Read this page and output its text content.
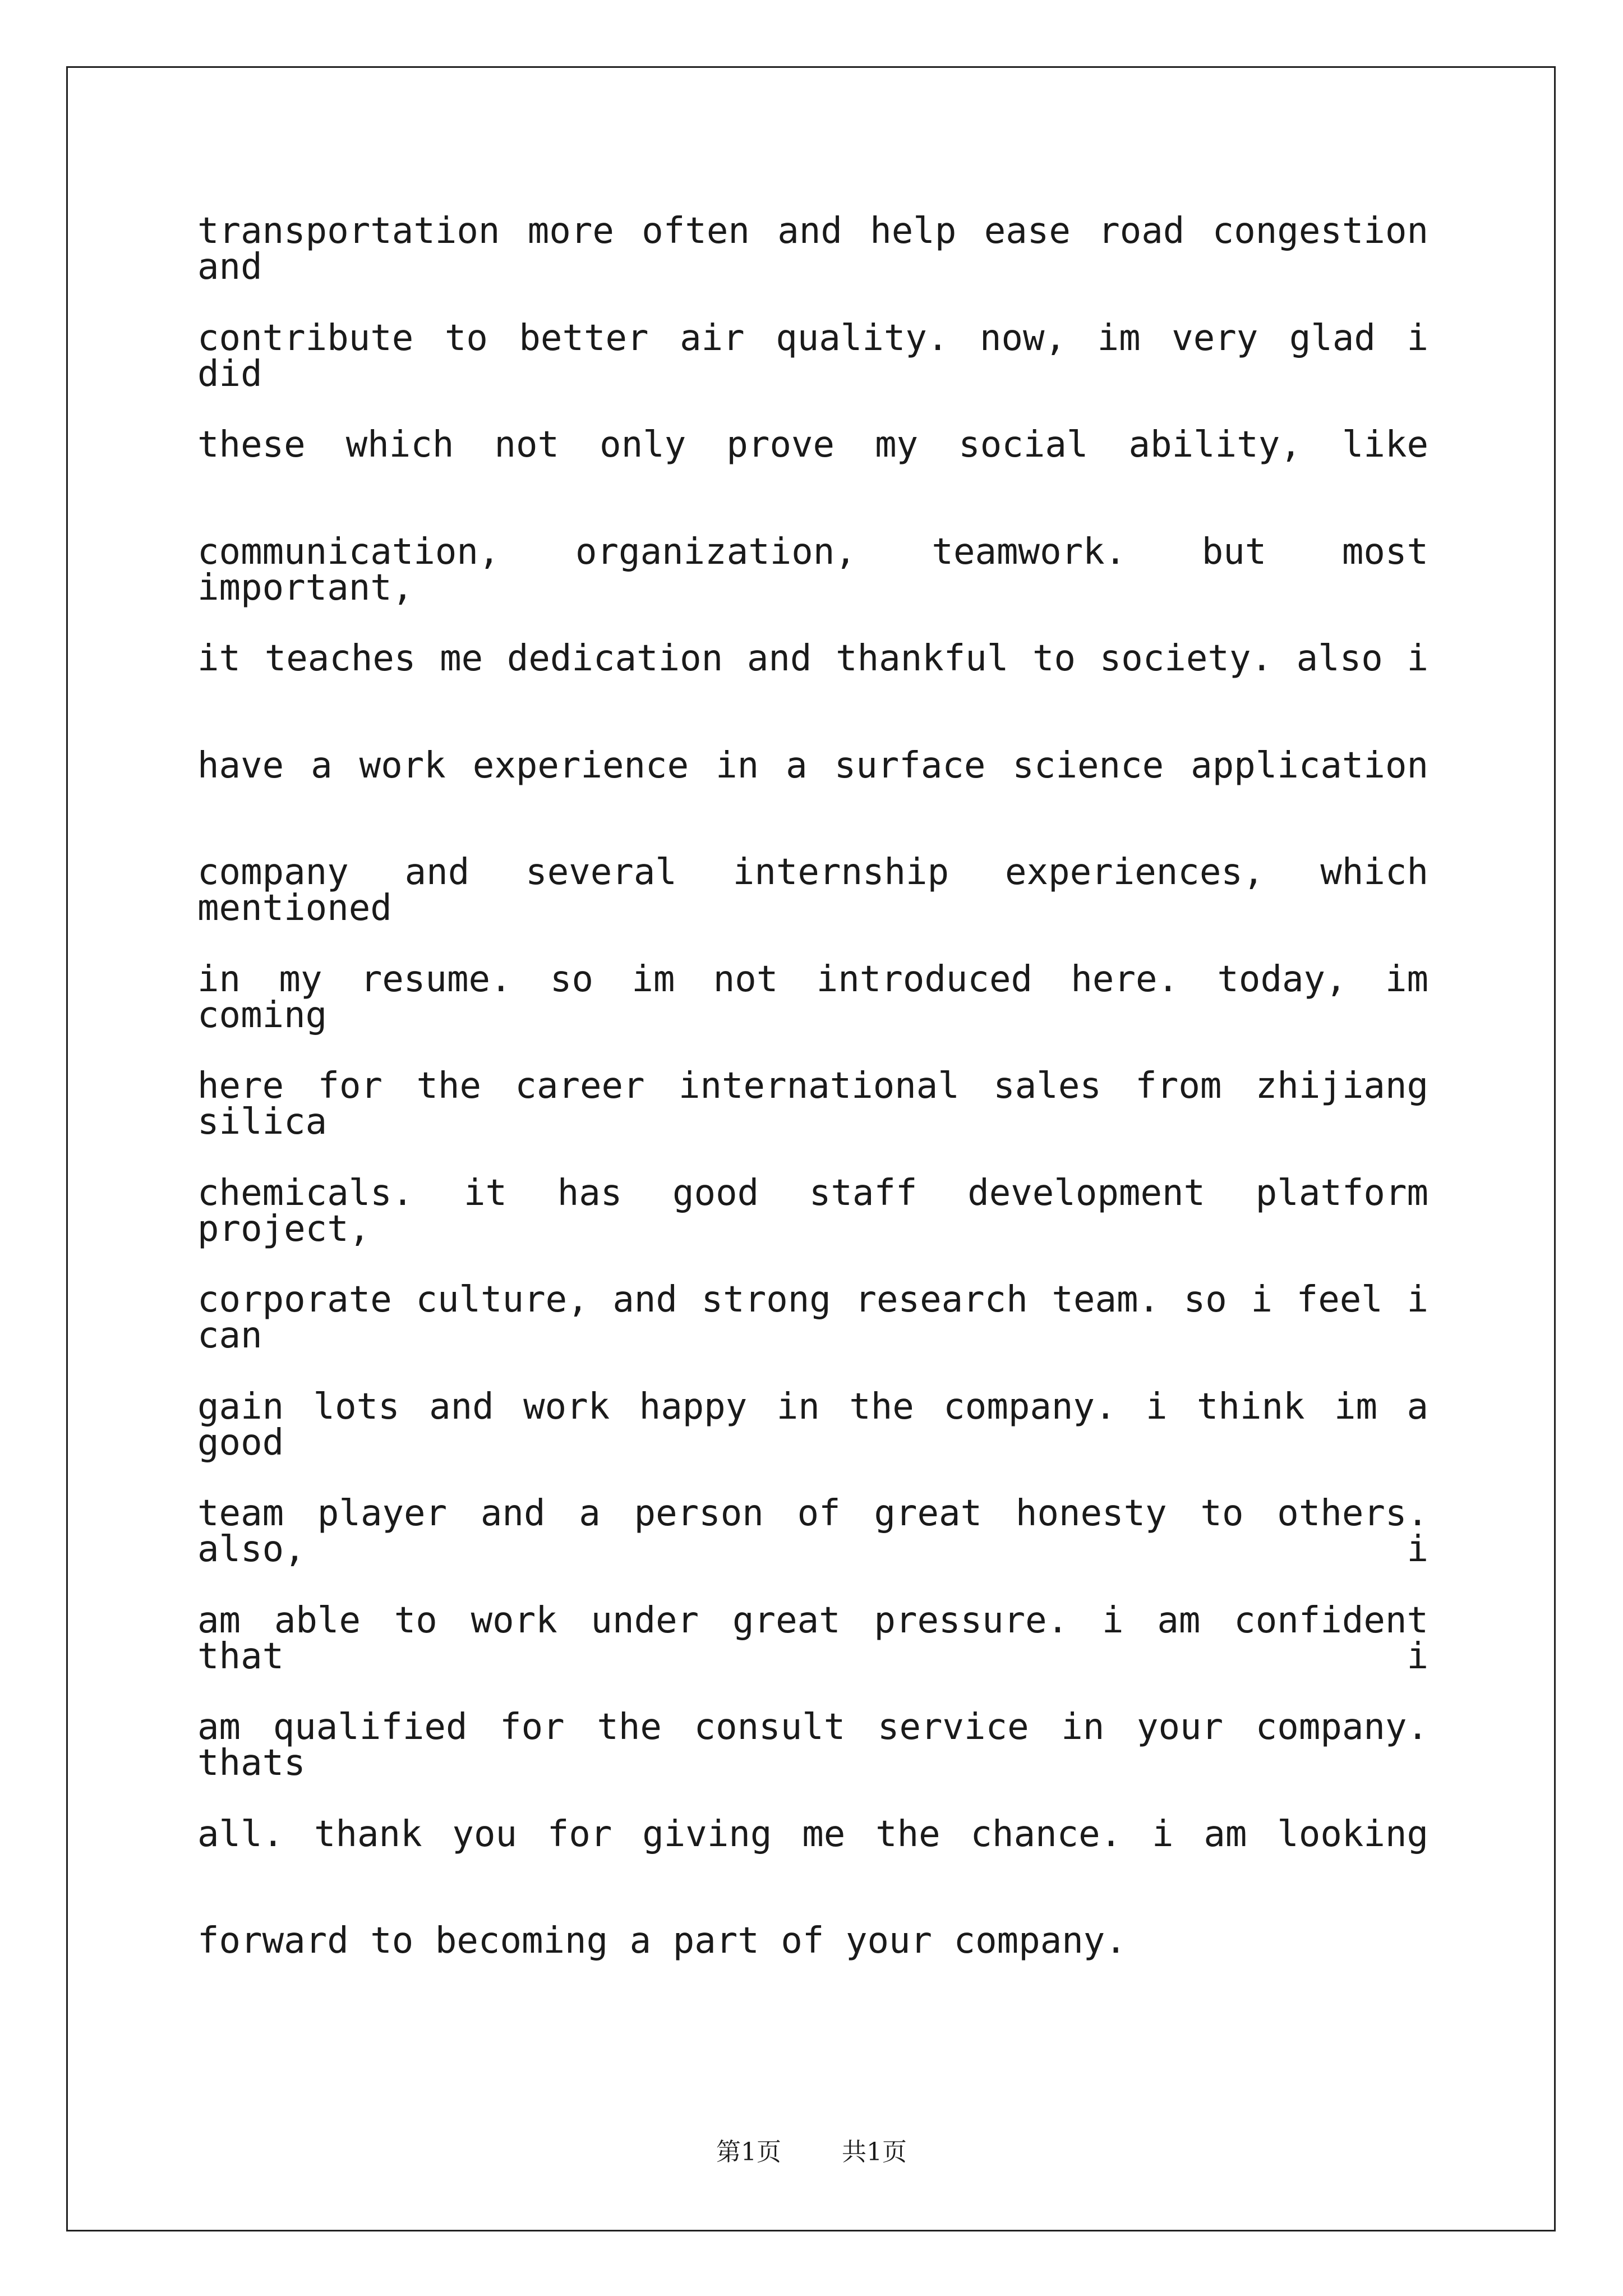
transportation more often and help ease road congestion and
contribute to better air quality. now, im very glad i did
these which not only prove my social ability, like
communication, organization, teamwork. but most important,
it teaches me dedication and thankful to society. also i
have a work experience in a surface science application
company and several internship experiences, which mentioned
in my resume. so im not introduced here. today, im coming
here for the career international sales from zhijiang silica
chemicals. it has good staff development platform project,
corporate culture, and strong research team. so i feel i can
gain lots and work happy in the company. i think im a good
team player and a person of great honesty to others. also, i
am able to work under great pressure. i am confident that i
am qualified for the consult service in your company. thats
all. thank you for giving me the chance. i am looking
forward to becoming a part of your company.
第1页   共1页
